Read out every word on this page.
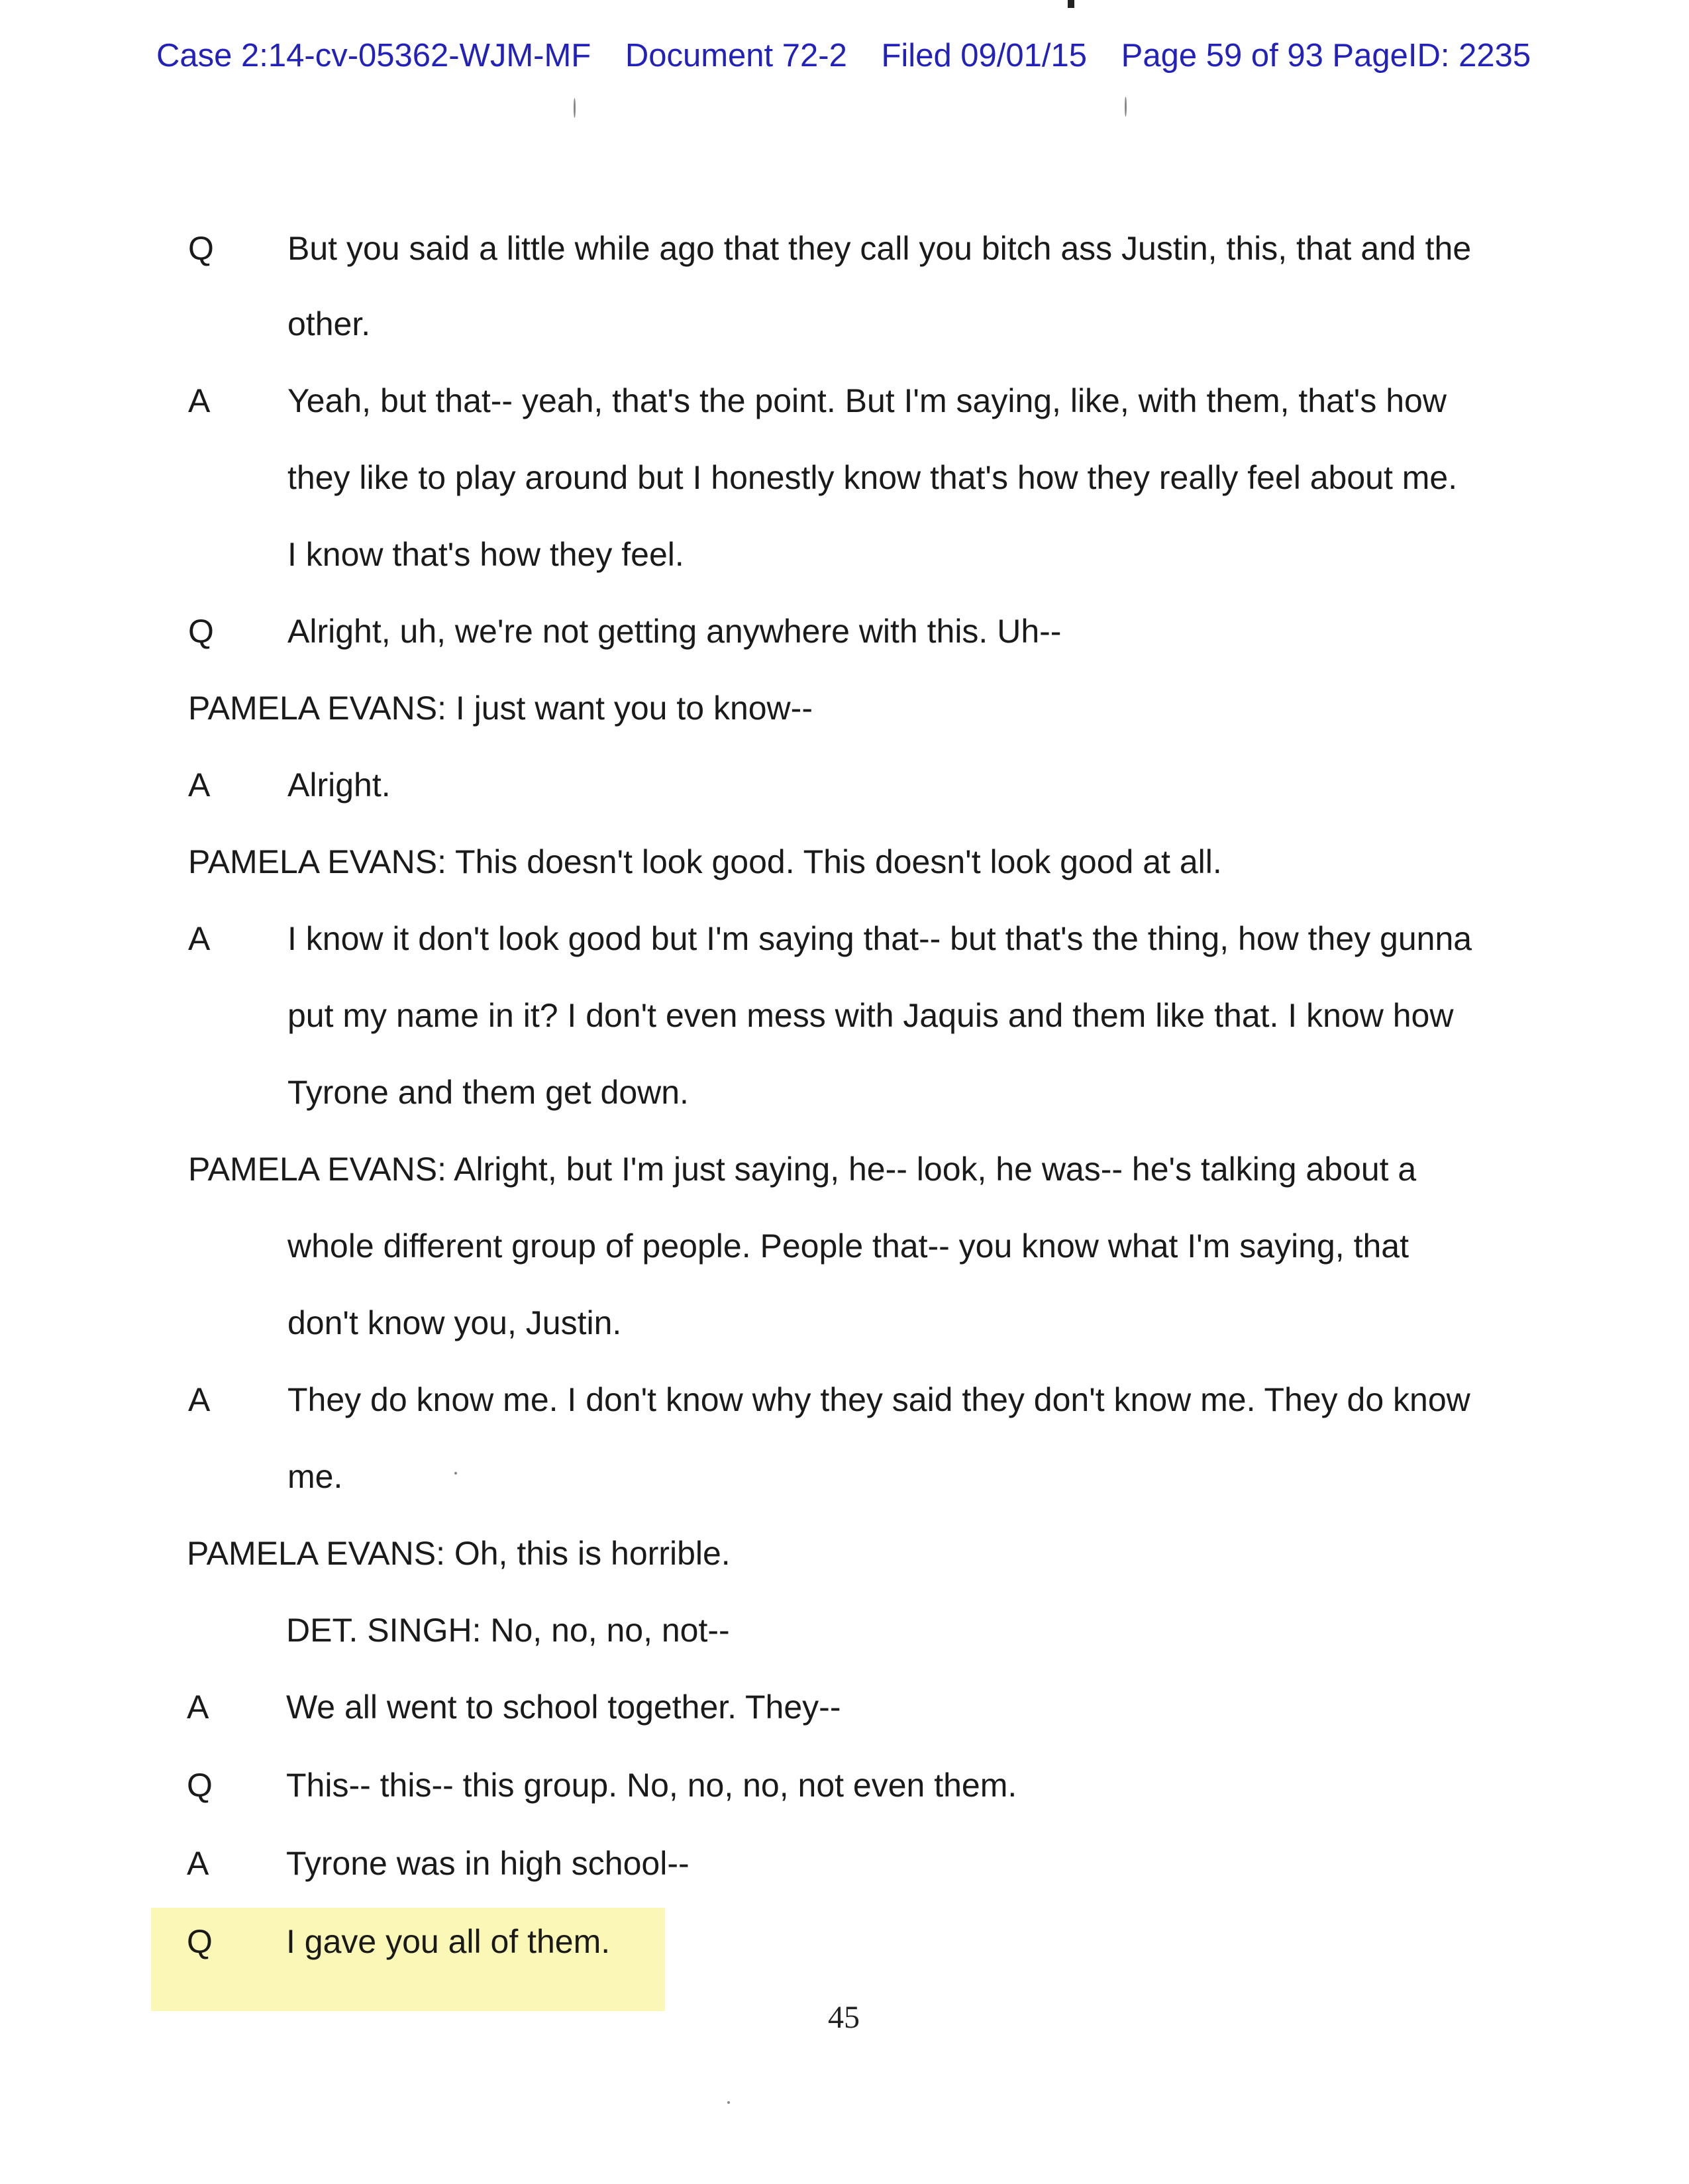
Case 2:14-cv-05362-WJM-MF Document 72-2 Filed 09/01/15 Page 59 of 93 PageID: 2235
Q But you said a little while ago that they call you bitch ass Justin, this, that and the
other.
A Yeah, but that-- yeah, that's the point. But I'm saying, like, with them, that's how
they like to play around but I honestly know that's how they really feel about me.
I know that's how they feel.
Q Alright, uh, we're not getting anywhere with this. Uh--
PAMELA EVANS: I just want you to know--
A Alright.
PAMELA EVANS: This doesn't look good. This doesn't look good at all.
A I know it don't look good but I'm saying that-- but that's the thing, how they gunna
put my name in it? I don't even mess with Jaquis and them like that. I know how
Tyrone and them get down.
PAMELA EVANS: Alright, but I'm just saying, he-- look, he was-- he's talking about a
whole different group of people. People that-- you know what I'm saying, that
don't know you, Justin.
A They do know me. I don't know why they said they don't know me. They do know
me.
PAMELA EVANS: Oh, this is horrible.
DET. SINGH: No, no, no, not--
A We all went to school together. They--
Q This-- this-- this group. No, no, no, not even them.
A Tyrone was in high school--
Q I gave you all of them.
45
